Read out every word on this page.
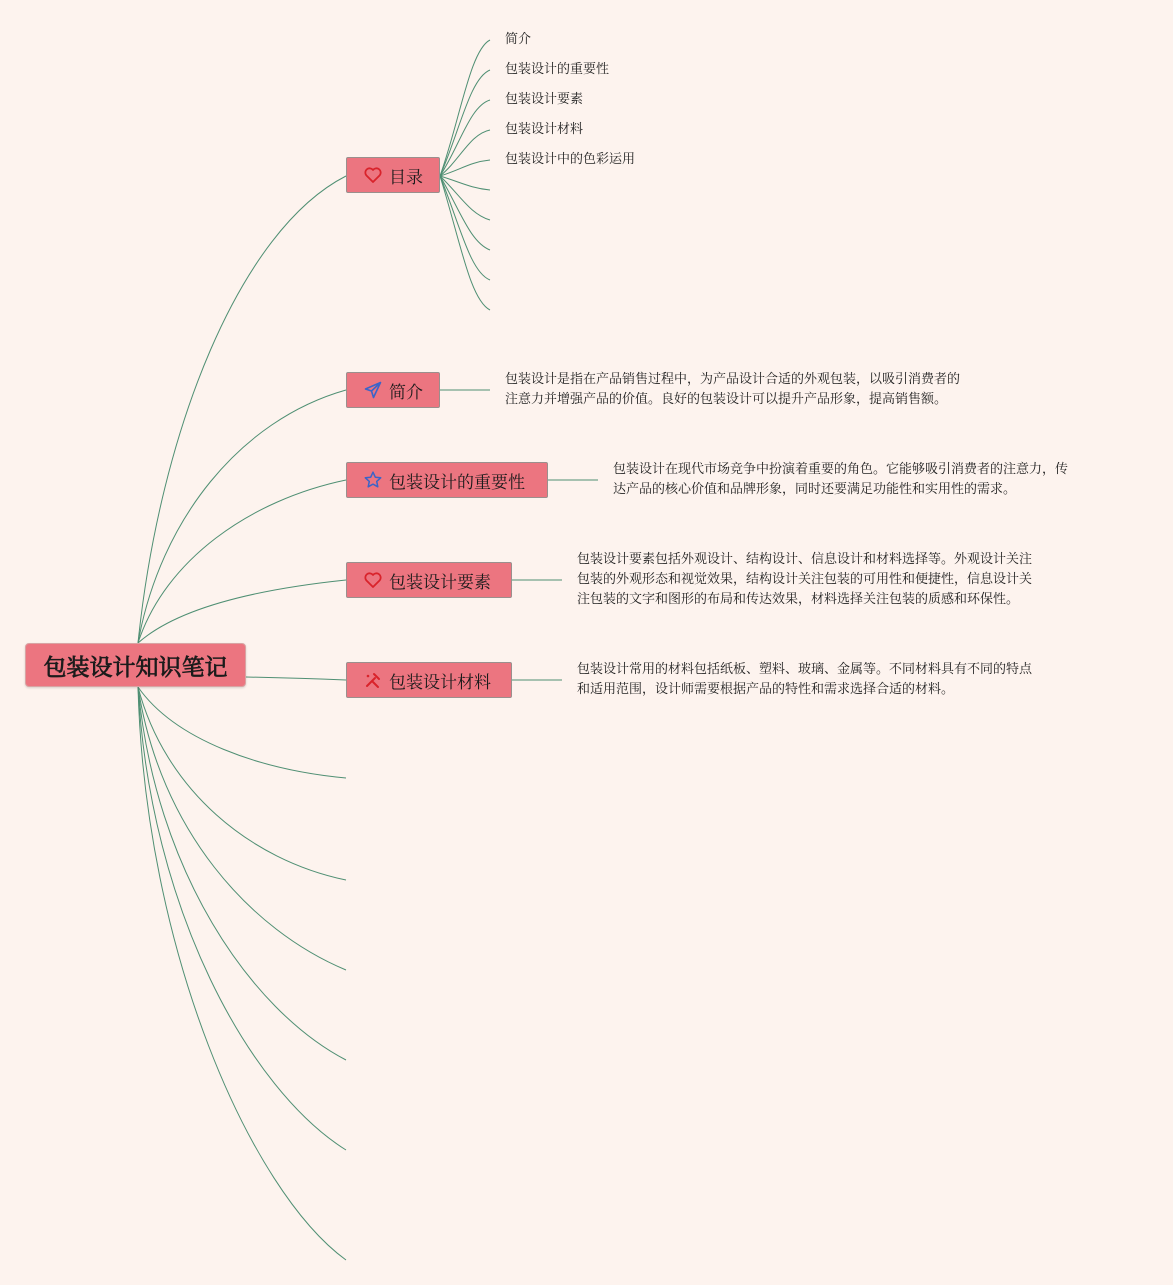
包装设计知识笔记
目录
简介
包装设计的重要性
包装设计要素
包装设计材料
包装设计中的色彩运用
简介
包装设计是指在产品销售过程中，为产品设计合适的外观包装，以吸引消费者的
注意力并增强产品的价值。良好的包装设计可以提升产品形象，提高销售额。
包装设计的重要性
包装设计在现代市场竞争中扮演着重要的角色。它能够吸引消费者的注意力，传
达产品的核心价值和品牌形象，同时还要满足功能性和实用性的需求。
包装设计要素
包装设计要素包括外观设计、结构设计、信息设计和材料选择等。外观设计关注
包装的外观形态和视觉效果，结构设计关注包装的可用性和便捷性，信息设计关
注包装的文字和图形的布局和传达效果，材料选择关注包装的质感和环保性。
包装设计材料
包装设计常用的材料包括纸板、塑料、玻璃、金属等。不同材料具有不同的特点
和适用范围，设计师需要根据产品的特性和需求选择合适的材料。
